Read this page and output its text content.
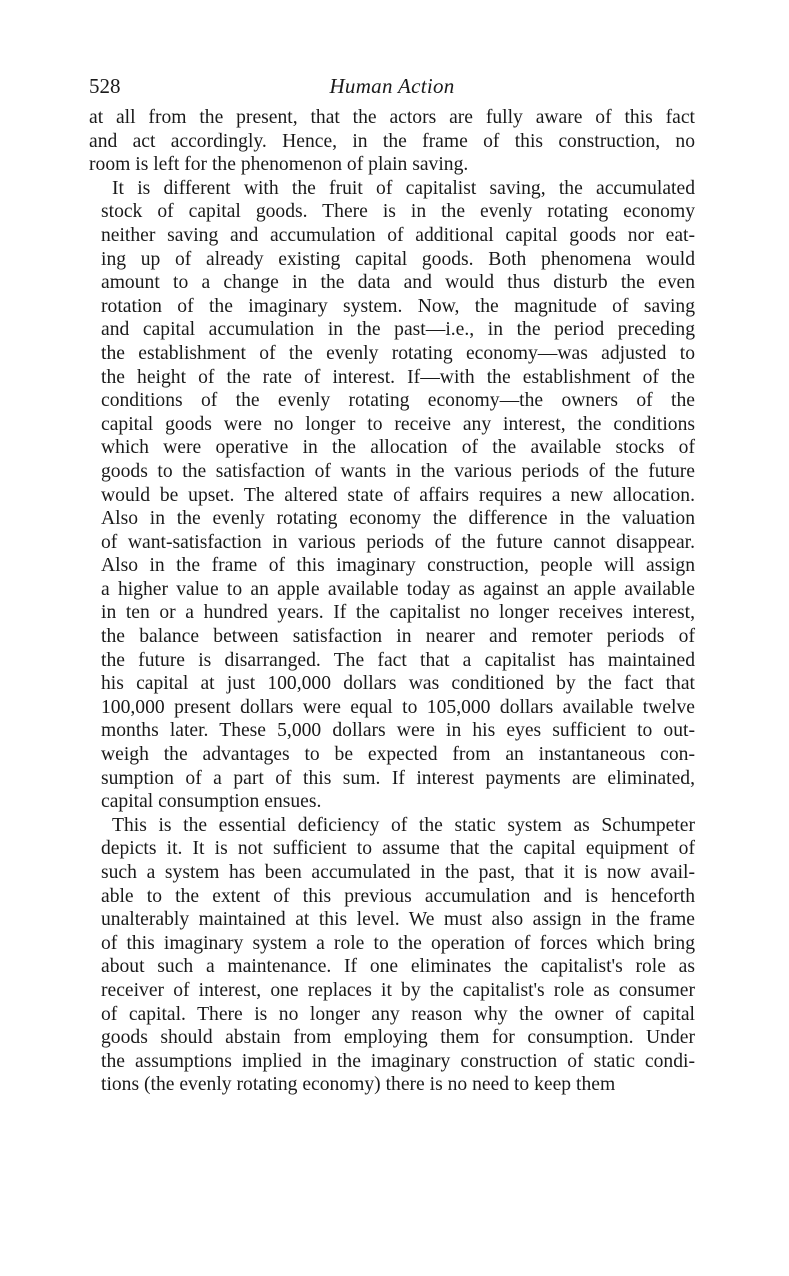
528	Human Action
at all from the present, that the actors are fully aware of this fact
and act accordingly. Hence, in the frame of this construction, no
room is left for the phenomenon of plain saving.
It is different with the fruit of capitalist saving, the accumulated
stock of capital goods. There is in the evenly rotating economy
neither saving and accumulation of additional capital goods nor eat-
ing up of already existing capital goods. Both phenomena would
amount to a change in the data and would thus disturb the even
rotation of the imaginary system. Now, the magnitude of saving
and capital accumulation in the past—i.e., in the period preceding
the establishment of the evenly rotating economy—was adjusted to
the height of the rate of interest. If—with the establishment of the
conditions of the evenly rotating economy—the owners of the
capital goods were no longer to receive any interest, the conditions
which were operative in the allocation of the available stocks of
goods to the satisfaction of wants in the various periods of the future
would be upset. The altered state of affairs requires a new allocation.
Also in the evenly rotating economy the difference in the valuation
of want-satisfaction in various periods of the future cannot disappear.
Also in the frame of this imaginary construction, people will assign
a higher value to an apple available today as against an apple available
in ten or a hundred years. If the capitalist no longer receives interest,
the balance between satisfaction in nearer and remoter periods of
the future is disarranged. The fact that a capitalist has maintained
his capital at just 100,000 dollars was conditioned by the fact that
100,000 present dollars were equal to 105,000 dollars available twelve
months later. These 5,000 dollars were in his eyes sufficient to out-
weigh the advantages to be expected from an instantaneous con-
sumption of a part of this sum. If interest payments are eliminated,
capital consumption ensues.
This is the essential deficiency of the static system as Schumpeter
depicts it. It is not sufficient to assume that the capital equipment of
such a system has been accumulated in the past, that it is now avail-
able to the extent of this previous accumulation and is henceforth
unalterably maintained at this level. We must also assign in the frame
of this imaginary system a role to the operation of forces which bring
about such a maintenance. If one eliminates the capitalist's role as
receiver of interest, one replaces it by the capitalist's role as consumer
of capital. There is no longer any reason why the owner of capital
goods should abstain from employing them for consumption. Under
the assumptions implied in the imaginary construction of static condi-
tions (the evenly rotating economy) there is no need to keep them
